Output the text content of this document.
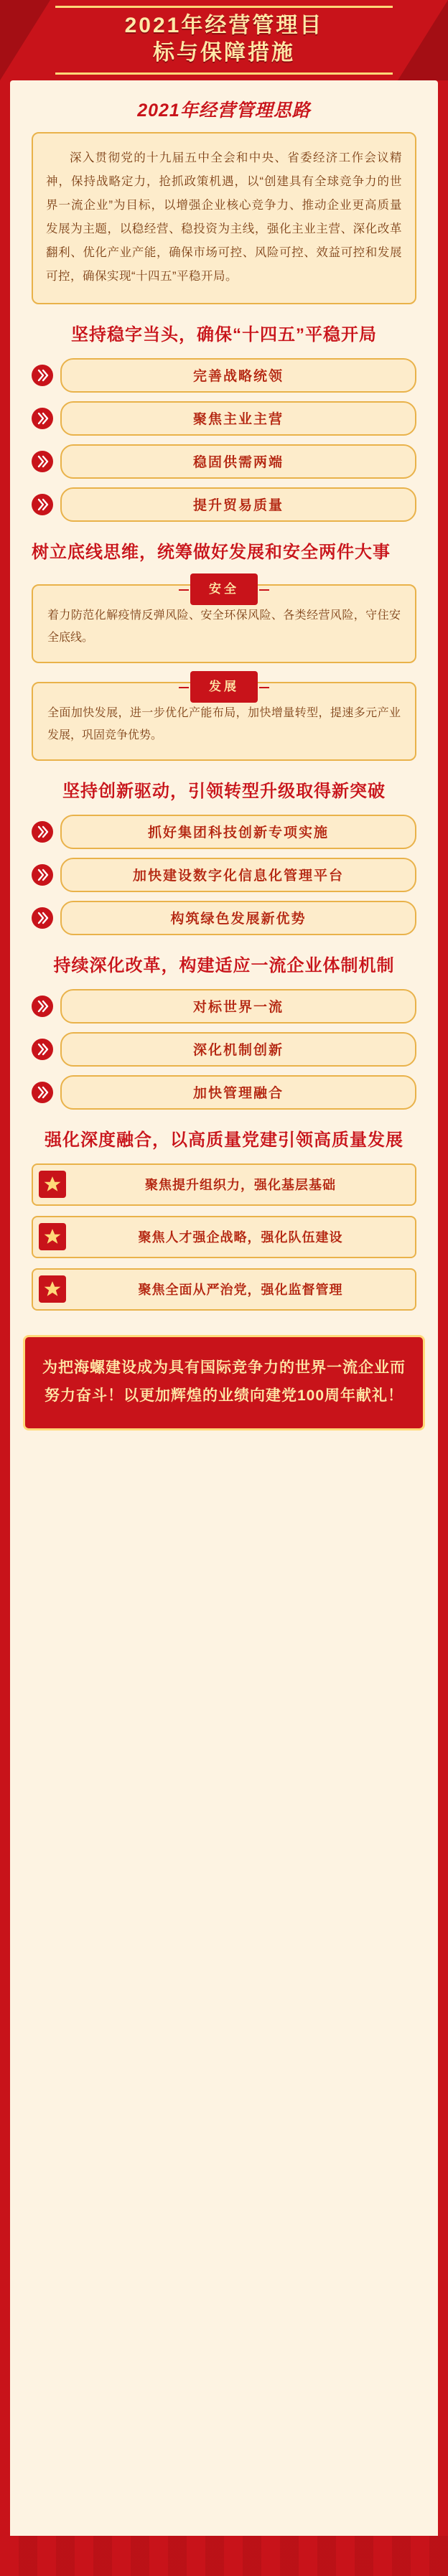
2021年经营管理目
标与保障措施
2021年经营管理思路
深入贯彻党的十九届五中全会和中央、省委经济工作会议精神，保持战略定力，抢抓政策机遇，以“创建具有全球竞争力的世界一流企业”为目标，以增强企业核心竞争力、推动企业更高质量发展为主题，以稳经营、稳投资为主线，强化主业主营、深化改革翻利、优化产业产能，确保市场可控、风险可控、效益可控和发展可控，确保实现“十四五”平稳开局。
坚持稳字当头，确保“十四五”平稳开局
完善战略统领
聚焦主业主营
稳固供需两端
提升贸易质量
树立底线思维，统筹做好发展和安全两件大事
安全
着力防范化解疫情反弹风险、安全环保风险、各类经营风险，守住安全底线。
发展
全面加快发展，进一步优化产能布局，加快增量转型，提速多元产业发展，巩固竞争优势。
坚持创新驱动，引领转型升级取得新突破
抓好集团科技创新专项实施
加快建设数字化信息化管理平台
构筑绿色发展新优势
持续深化改革，构建适应一流企业体制机制
对标世界一流
深化机制创新
加快管理融合
强化深度融合，以高质量党建引领高质量发展
聚焦提升组织力，强化基层基础
聚焦人才强企战略，强化队伍建设
聚焦全面从严治党，强化监督管理
为把海螺建设成为具有国际竞争力的世界一流企业而努力奋斗！以更加辉煌的业绩向建党100周年献礼！
